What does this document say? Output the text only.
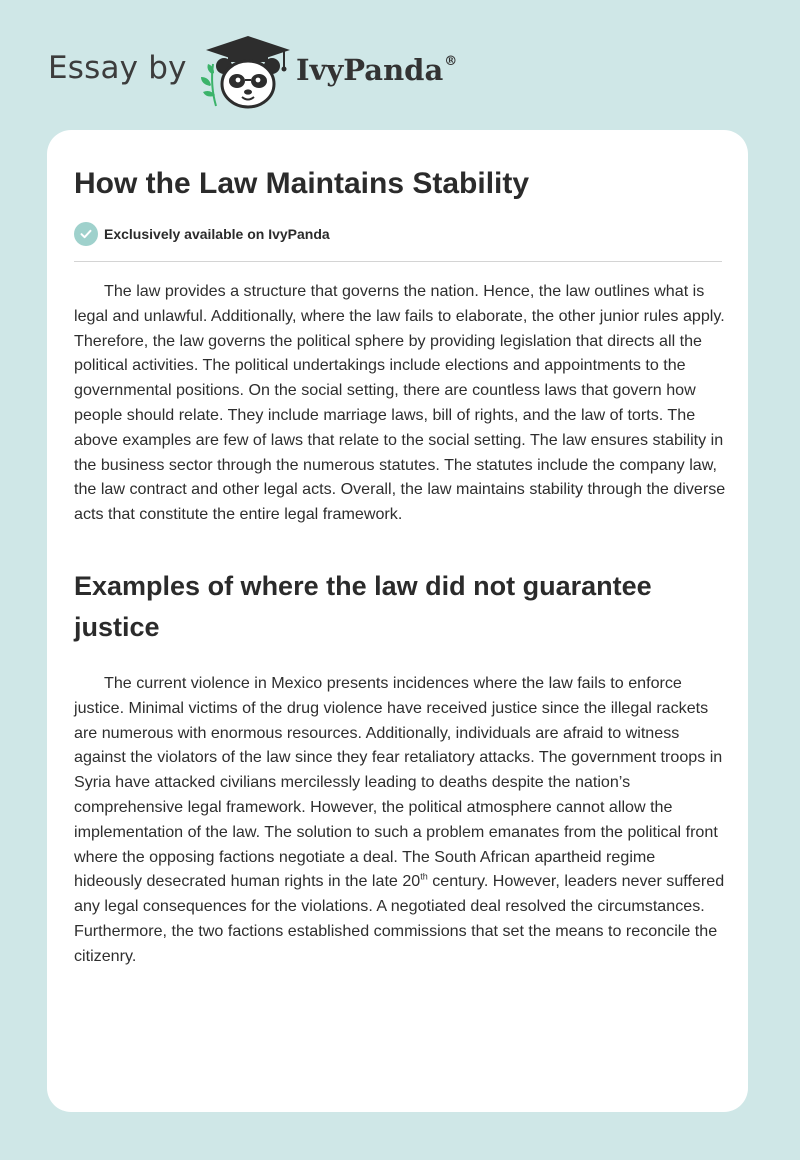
Essay by	IvyPanda®
How the Law Maintains Stability
Exclusively available on IvyPanda

The law provides a structure that governs the nation. Hence, the law outlines what is legal and unlawful. Additionally, where the law fails to elaborate, the other junior rules apply. Therefore, the law governs the political sphere by providing legislation that directs all the political activities. The political undertakings include elections and appointments to the governmental positions. On the social setting, there are countless laws that govern how people should relate. They include marriage laws, bill of rights, and the law of torts. The above examples are few of laws that relate to the social setting. The law ensures stability in the business sector through the numerous statutes. The statutes include the company law, the law contract and other legal acts. Overall, the law maintains stability through the diverse acts that constitute the entire legal framework.

Examples of where the law did not guarantee justice

The current violence in Mexico presents incidences where the law fails to enforce justice. Minimal victims of the drug violence have received justice since the illegal rackets are numerous with enormous resources. Additionally, individuals are afraid to witness against the violators of the law since they fear retaliatory attacks. The government troops in Syria have attacked civilians mercilessly leading to deaths despite the nation’s comprehensive legal framework. However, the political atmosphere cannot allow the implementation of the law. The solution to such a problem emanates from the political front where the opposing factions negotiate a deal. The South African apartheid regime hideously desecrated human rights in the late 20th century. However, leaders never suffered any legal consequences for the violations. A negotiated deal resolved the circumstances. Furthermore, the two factions established commissions that set the means to reconcile the citizenry.
